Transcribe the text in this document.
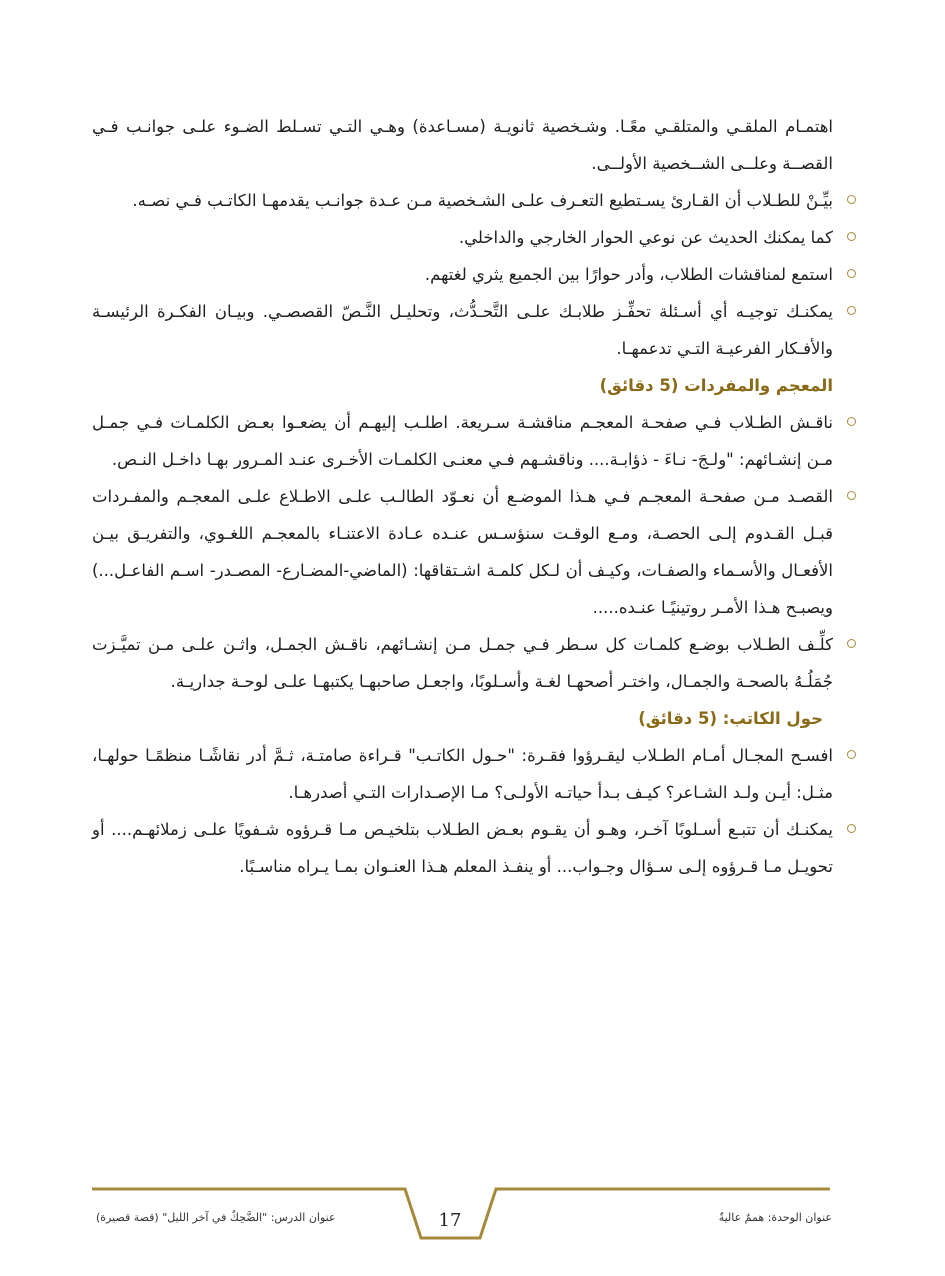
اهتمـام الملقـي والمتلقـي معًـا. وشـخصية ثانويـة (مسـاعدة) وهـي التـي تسـلط الضـوء علـى جوانـب فـي القصــة وعلــى الشــخصية الأولــى.

بيِّـنْ للطـلاب أن القـارئ يسـتطيع التعـرف علـى الشـخصية مـن عـدة جوانـب يقدمهـا الكاتـب فـي نصـه.
كما يمكنك الحديث عن نوعي الحوار الخارجي والداخلي.
استمع لمناقشات الطلاب، وأدر حوارًا بين الجميع يثري لغتهم.
يمكنـك توجيـه أي أسـئلة تحفِّـز طلابـك علـى التَّحـدُّث، وتحليـل النَّـصّ القصصـي. وبيـان الفكـرة الرئيسـة والأفـكار الفرعيـة التـي تدعمهـا.
المعجم والمفردات (5 دقائق)
ناقـش الطـلاب فـي صفحـة المعجـم مناقشـة سـريعة. اطلـب إليهـم أن يضعـوا بعـض الكلمـات فـي جمـل مـن إنشـائهم: "ولـجَ- نـاءَ - ذؤابـة.... وناقشـهم فـي معنـى الكلمـات الأخـرى عنـد المـرور بهـا داخـل النـص.
القصـد مـن صفحـة المعجـم فـي هـذا الموضـع أن نعـوّد الطالـب علـى الاطـلاع علـى المعجـم والمفـردات قبـل القـدوم إلـى الحصـة، ومـع الوقـت سنؤسـس عنـده عـادة الاعتنـاء بالمعجـم اللغـوي، والتفريـق بيـن الأفعـال والأسـماء والصفـات، وكيـف أن لـكل كلمـة اشـتقاقها: (الماضي-المضـارع- المصـدر- اسـم الفاعـل...) ويصبـح هـذا الأمـر روتينيًـا عنـده.....
كلِّـف الطـلاب بوضـع كلمـات كل سـطر فـي جمـل مـن إنشـائهم، ناقـش الجمـل، واثـن علـى مـن تميَّـزت جُمَلُـهُ بالصحـة والجمـال، واختـر أصحهـا لغـة وأسـلوبًا، واجعـل صاحبهـا يكتبهـا علـى لوحـة جداريـة.
حول الكاتب: (5 دقائق)
افسـح المجـال أمـام الطـلاب ليقـرؤوا فقـرة: "حـول الكاتـب" قـراءة صامتـة، ثـمَّ أدر نقاشًـا منظمًـا حولهـا، مثـل: أيـن ولـد الشـاعر؟ كيـف بـدأ حياتـه الأولـى؟ مـا الإصـدارات التـي أصدرهـا.
يمكنـك أن تتبـع أسـلوبًا آخـر، وهـو أن يقـوم بعـض الطـلاب بتلخيـص مـا قـرؤوه شـفويًا علـى زملائهـم.... أو تحويـل مـا قـرؤوه إلـى سـؤال وجـواب... أو ينفـذ المعلم هـذا العنـوان بمـا يـراه مناسـبًا.
عنوان الوحدة: هممٌ عاليةٌ
17
عنوان الدرس: "الضَّحِكُ في آخر الليل" (قصة قصيرة)
